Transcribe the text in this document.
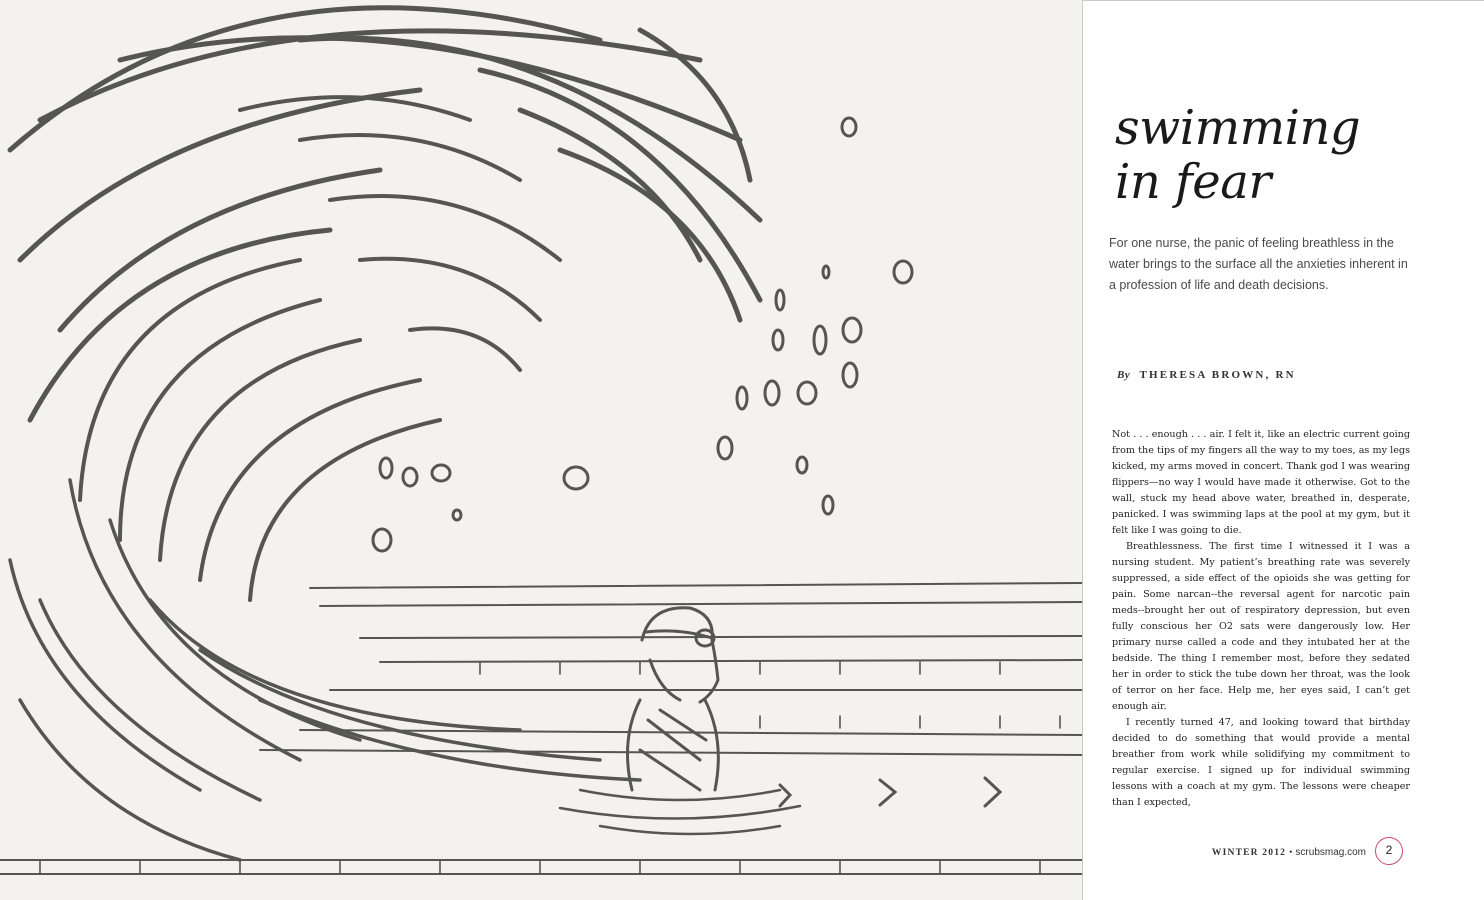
swimming
in fear

For one nurse, the panic of feeling breathless in the water brings to the surface all the anxieties inherent in a profession of life and death decisions.

By THERESA BROWN, RN

Not . . . enough . . . air. I felt it, like an electric current going from the tips of my fingers all the way to my toes, as my legs kicked, my arms moved in concert. Thank god I was wearing flippers—no way I would have made it otherwise. Got to the wall, stuck my head above water, breathed in, desperate, panicked. I was swimming laps at the pool at my gym, but it felt like I was going to die.

Breathlessness. The first time I witnessed it I was a nursing student. My patient’s breathing rate was severely suppressed, a side effect of the opioids she was getting for pain. Some narcan--the reversal agent for narcotic pain meds--brought her out of respiratory depression, but even fully conscious her O2 sats were dangerously low. Her primary nurse called a code and they intubated her at the bedside. The thing I remember most, before they sedated her in order to stick the tube down her throat, was the look of terror on her face. Help me, her eyes said, I can’t get enough air.

I recently turned 47, and looking toward that birthday decided to do something that would provide a mental breather from work while solidifying my commitment to regular exercise. I signed up for individual swimming lessons with a coach at my gym. The lessons were cheaper than I expected,

WINTER 2012 • scrubsmag.com	2
